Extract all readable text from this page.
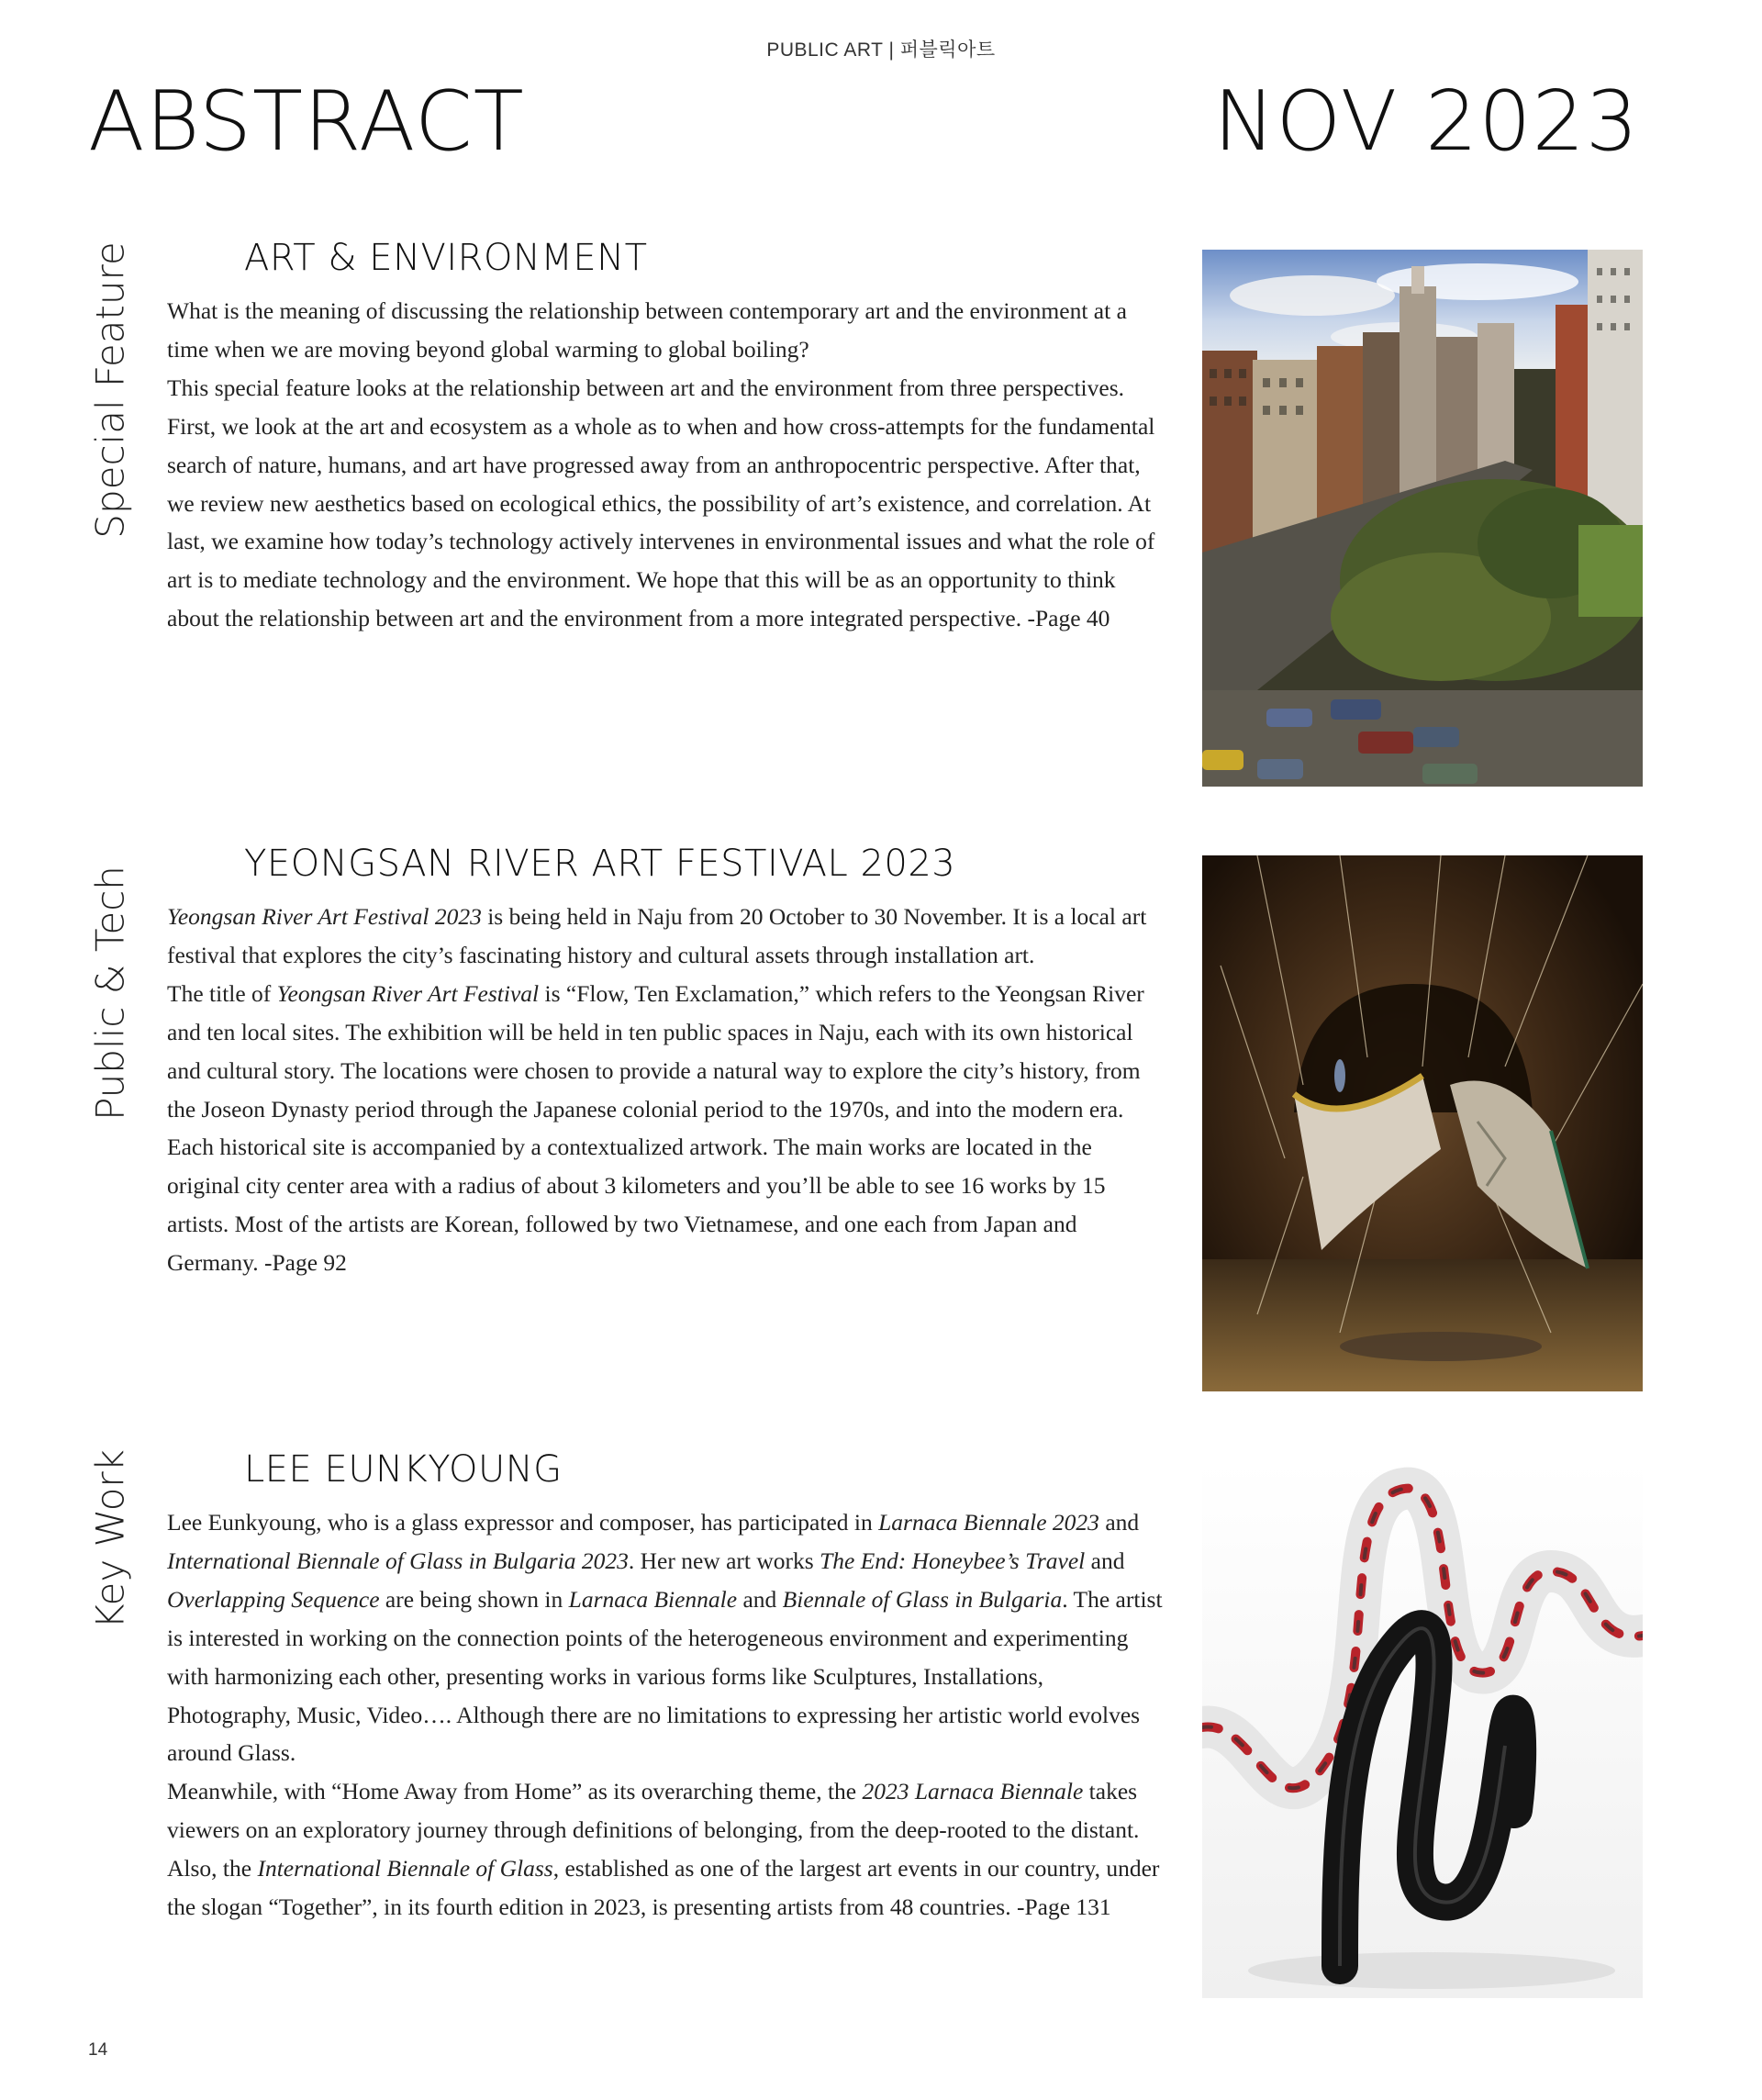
PUBLIC ART | 퍼블릭아트
ABSTRACT	NOV 2023
Special Feature	ART & ENVIRONMENT

What is the meaning of discussing the relationship between contemporary art and the environment at a time when we are moving beyond global warming to global boiling?

This special feature looks at the relationship between art and the environment from three perspectives. First, we look at the art and ecosystem as a whole as to when and how cross-attempts for the fundamental search of nature, humans, and art have progressed away from an anthropocentric perspective. After that, we review new aesthetics based on ecological ethics, the possibility of art’s existence, and correlation. At last, we examine how today’s technology actively intervenes in environmental issues and what the role of art is to mediate technology and the environment. We hope that this will be as an opportunity to think about the relationship between art and the environment from a more integrated perspective. -Page 40

Public & Tech
YEONGSAN RIVER ART FESTIVAL 2023

Yeongsan River Art Festival 2023 is being held in Naju from 20 October to 30 November. It is a local art festival that explores the city’s fascinating history and cultural assets through installation art.

The title of Yeongsan River Art Festival is “Flow, Ten Exclamation,” which refers to the Yeongsan River and ten local sites. The exhibition will be held in ten public spaces in Naju, each with its own historical and cultural story. The locations were chosen to provide a natural way to explore the city’s history, from the Joseon Dynasty period through the Japanese colonial period to the 1970s, and into the modern era. Each historical site is accompanied by a contextualized artwork. The main works are located in the original city center area with a radius of about 3 kilometers and you’ll be able to see 16 works by 15 artists. Most of the artists are Korean, followed by two Vietnamese, and one each from Japan and Germany. -Page 92

Key Work	LEE EUNKYOUNG

Lee Eunkyoung, who is a glass expressor and composer, has participated in Larnaca Biennale 2023 and International Biennale of Glass in Bulgaria 2023. Her new art works The End: Honeybee’s Travel and Overlapping Sequence are being shown in Larnaca Biennale and Biennale of Glass in Bulgaria. The artist is interested in working on the connection points of the heterogeneous environment and experimenting with harmonizing each other, presenting works in various forms like Sculptures, Installations, Photography, Music, Video…. Although there are no limitations to expressing her artistic world evolves around Glass.

Meanwhile, with “Home Away from Home” as its overarching theme, the 2023 Larnaca Biennale takes viewers on an exploratory journey through definitions of belonging, from the deep-rooted to the distant. Also, the International Biennale of Glass, established as one of the largest art events in our country, under the slogan “Together”, in its fourth edition in 2023, is presenting artists from 48 countries. -Page 131

14
